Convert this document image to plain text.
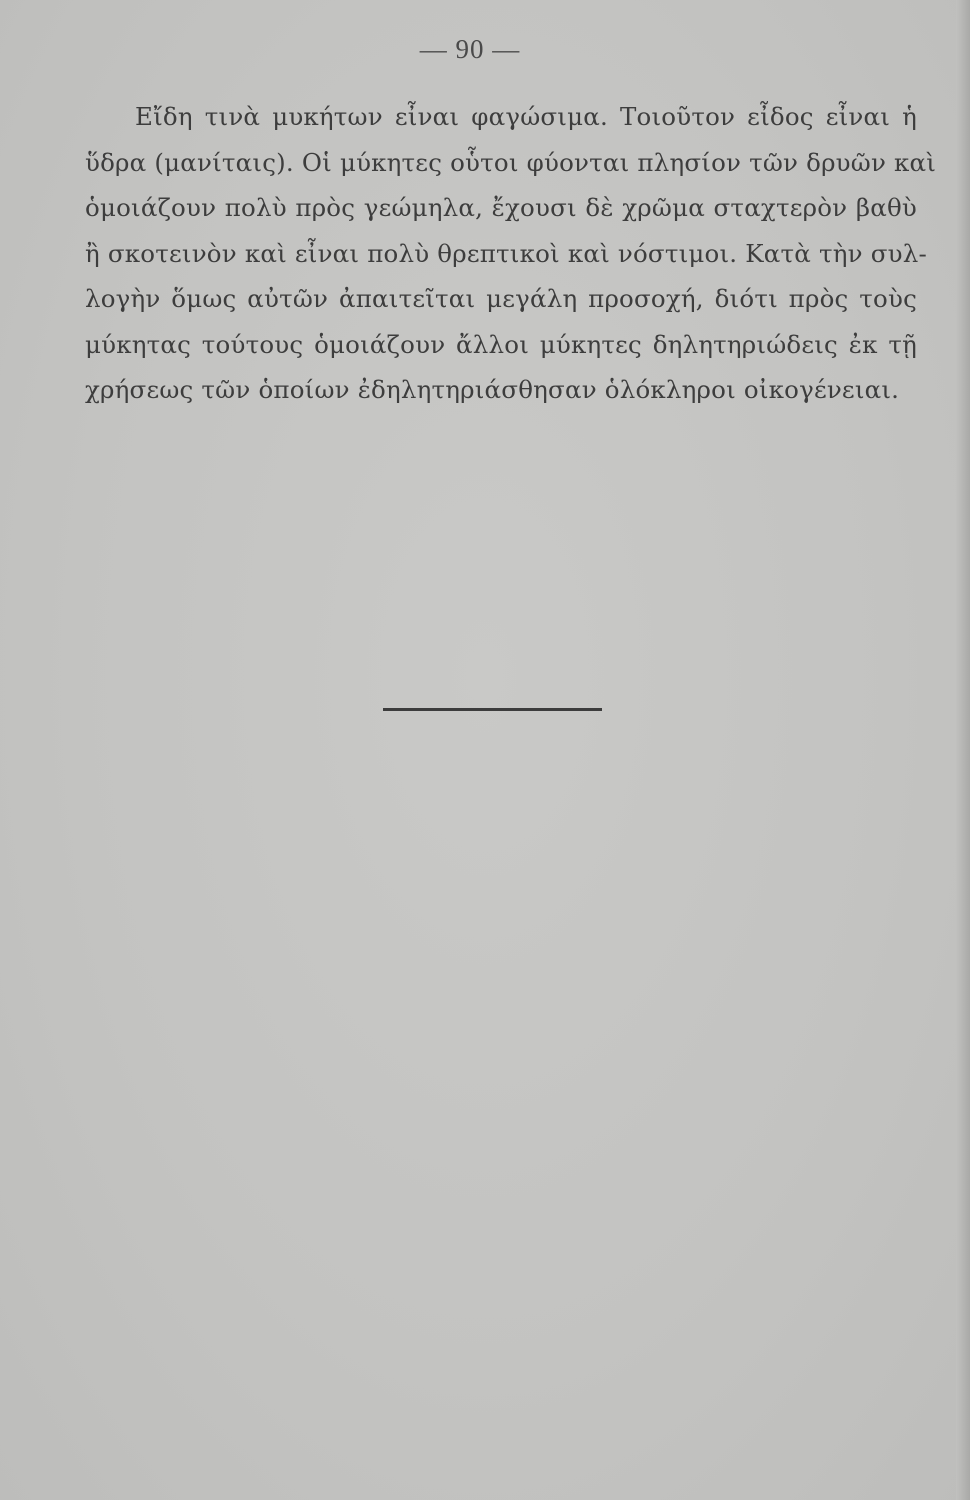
— 90 —
Εἴδη τινὰ μυκήτων εἶναι φαγώσιμα. Τοιοῦτον εἶδος εἶναι ἡ
ὕδρα (μανίταις). Οἱ μύκητες οὗτοι φύονται πλησίον τῶν δρυῶν καὶ
ὁμοιάζουν πολὺ πρὸς γεώμηλα, ἔχουσι δὲ χρῶμα σταχτερὸν βαθὺ
ἢ σκοτεινὸν καὶ εἶναι πολὺ θρεπτικοὶ καὶ νόστιμοι. Κατὰ τὴν συλ-
λογὴν ὅμως αὐτῶν ἀπαιτεῖται μεγάλη προσοχή, διότι πρὸς τοὺς
μύκητας τούτους ὁμοιάζουν ἄλλοι μύκητες δηλητηριώδεις ἐκ τῇ
χρήσεως τῶν ὁποίων ἐδηλητηριάσθησαν ὁλόκληροι οἰκογένειαι.
